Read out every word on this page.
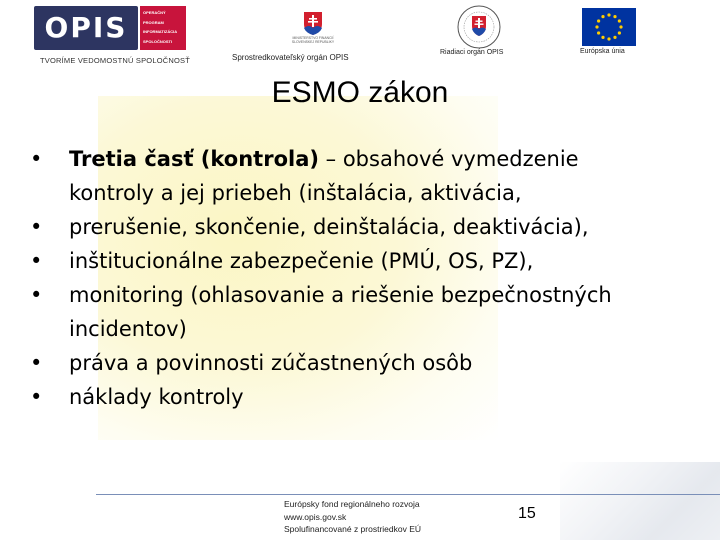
OPIS	OPERAČNÝ
PROGRAM
INFORMATIZÁCIA
SPOLOČNOSTI
TVORÍME VEDOMOSTNÚ SPOLOČNOSŤ
MINISTERSTVO FINANCIÍ
SLOVENSKEJ REPUBLIKY
Sprostredkovateľský orgán OPIS
Riadiaci orgán OPIS	Európska únia
ESMO zákon
• Tretia časť (kontrola) – obsahové vymedzenie
kontroly a jej priebeh (inštalácia, aktivácia,
• prerušenie, skončenie, deinštalácia, deaktivácia),
• inštitucionálne zabezpečenie (PMÚ, OS, PZ),
• monitoring (ohlasovanie a riešenie bezpečnostných
incidentov)
• práva a povinnosti zúčastnených osôb
• náklady kontroly
Európsky fond regionálneho rozvoja
www.opis.gov.sk
Spolufinancované z prostriedkov EÚ
15
